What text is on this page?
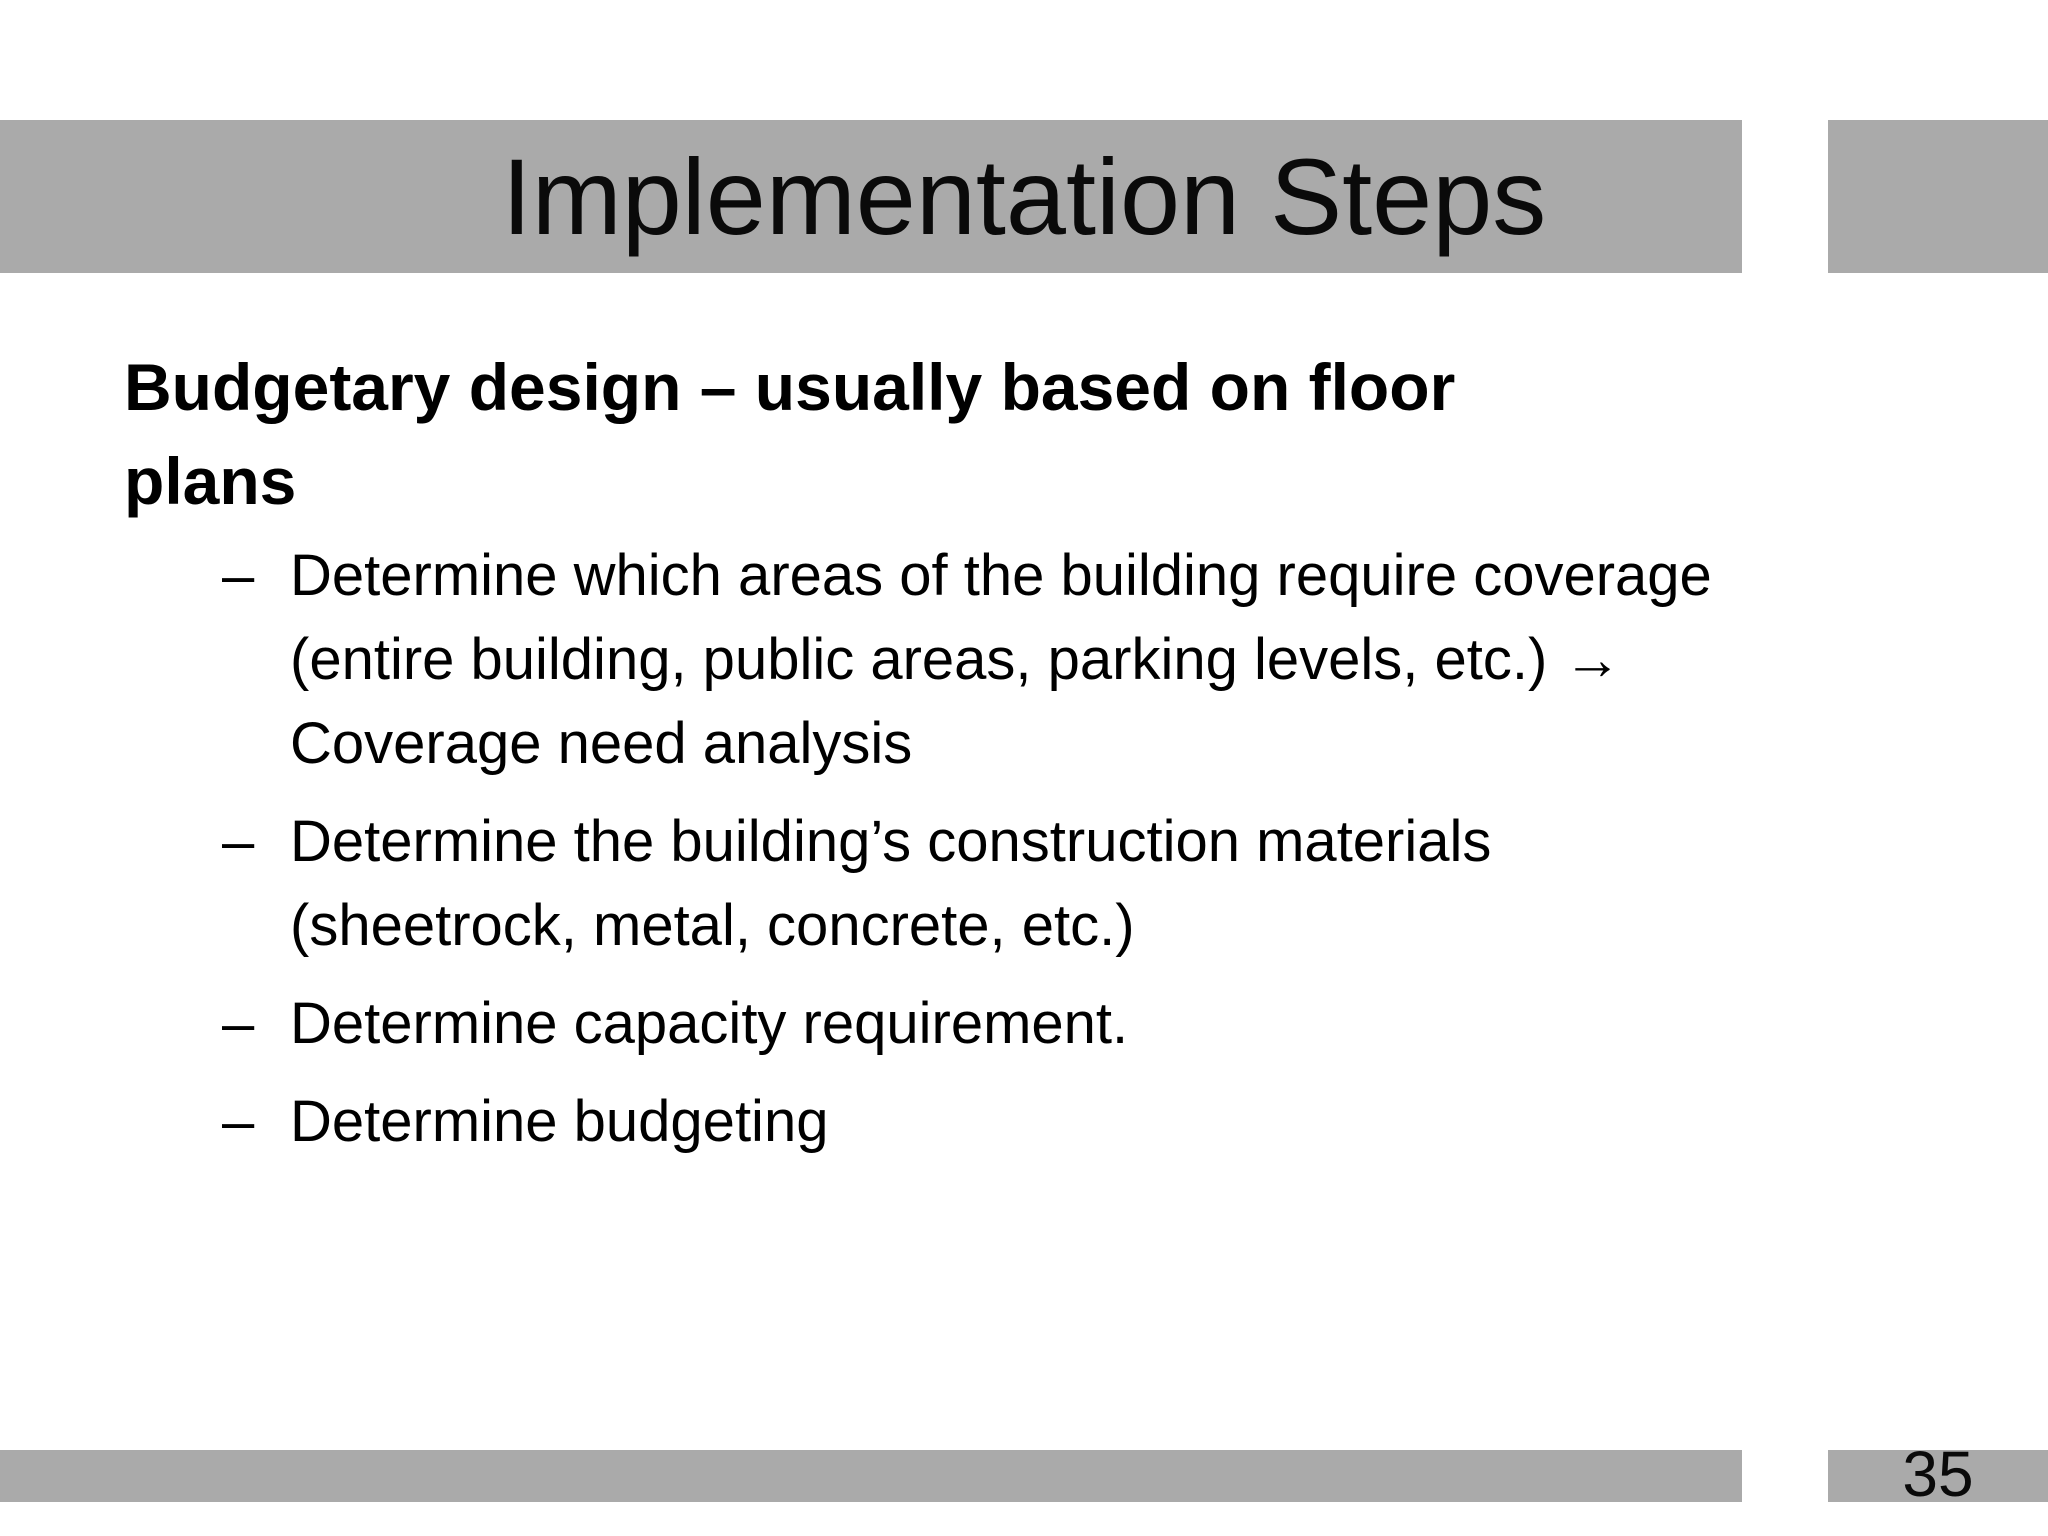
Implementation Steps

Budgetary design – usually based on floor plans

– Determine which areas of the building require coverage (entire building, public areas, parking levels, etc.) → Coverage need analysis
– Determine the building’s construction materials (sheetrock, metal, concrete, etc.)
– Determine capacity requirement.
– Determine budgeting
35
